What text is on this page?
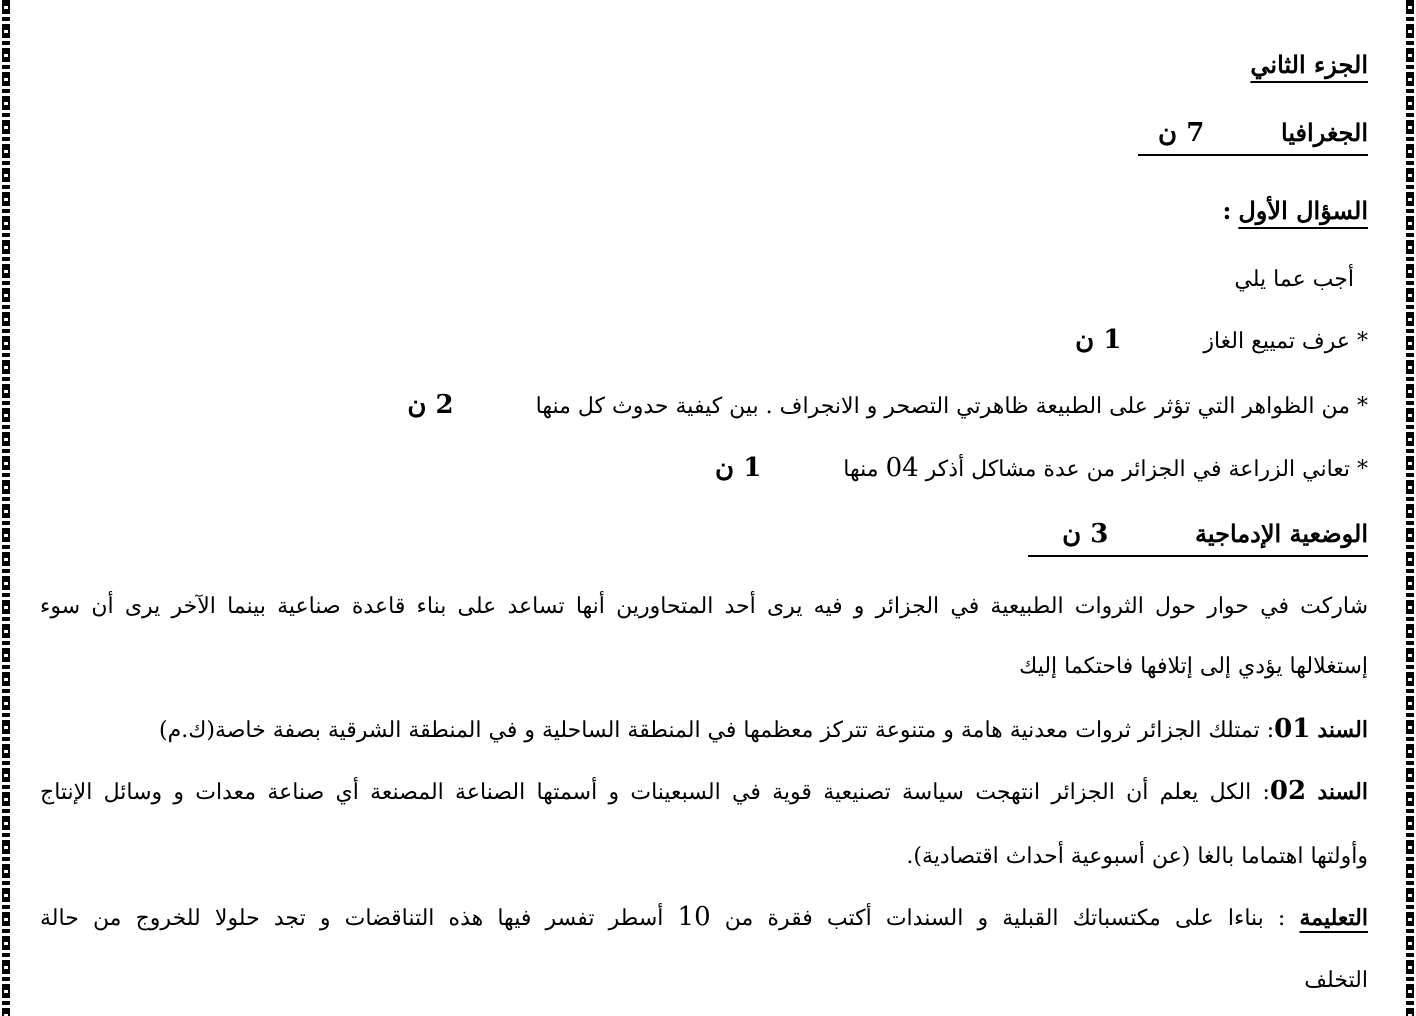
الجزء الثاني
الجغرافيا  7 ن
السؤال الأول :
أجب عما يلي
* عرف تمييع الغاز  1 ن
* من الظواهر التي تؤثر على الطبيعة ظاهرتي التصحر و الانجراف . بين كيفية حدوث كل منها  2 ن
* تعاني الزراعة في الجزائر من عدة مشاكل أذكر 04 منها  1 ن
الوضعية الإدماجية  3 ن
شاركت في حوار حول الثروات الطبيعية في الجزائر و فيه يرى أحد المتحاورين أنها تساعد على بناء قاعدة صناعية بينما الآخر يرى أن سوء
إستغلالها يؤدي إلى إتلافها فاحتكما إليك
السند 01: تمتلك الجزائر ثروات معدنية هامة و متنوعة تتركز معظمها في المنطقة الساحلية و في المنطقة الشرقية بصفة خاصة(ك.م)
السند 02: الكل يعلم أن الجزائر انتهجت سياسة تصنيعية قوية في السبعينات و أسمتها الصناعة المصنعة أي صناعة معدات و وسائل الإنتاج
وأولتها اهتماما بالغا (عن أسبوعية أحداث اقتصادية).
التعليمة : بناءا على مكتسباتك القبلية و السندات أكتب فقرة من 10 أسطر تفسر فيها هذه التناقضات و تجد حلولا للخروج من حالة
التخلف
